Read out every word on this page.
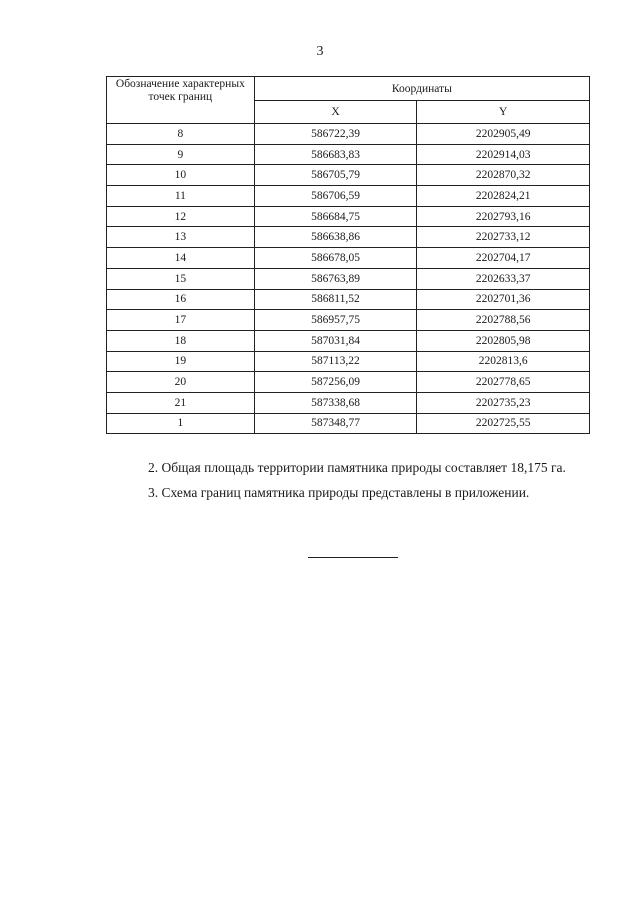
3
Обозначение характерных точек границ	Координаты	
	X	Y
8	586722,39	2202905,49
9	586683,83	2202914,03
10	586705,79	2202870,32
11	586706,59	2202824,21
12	586684,75	2202793,16
13	586638,86	2202733,12
14	586678,05	2202704,17
15	586763,89	2202633,37
16	586811,52	2202701,36
17	586957,75	2202788,56
18	587031,84	2202805,98
19	587113,22	2202813,6
20	587256,09	2202778,65
21	587338,68	2202735,23
1	587348,77	2202725,55
2. Общая площадь территории памятника природы составляет 18,175 га.
3. Схема границ памятника природы представлены в приложении.
